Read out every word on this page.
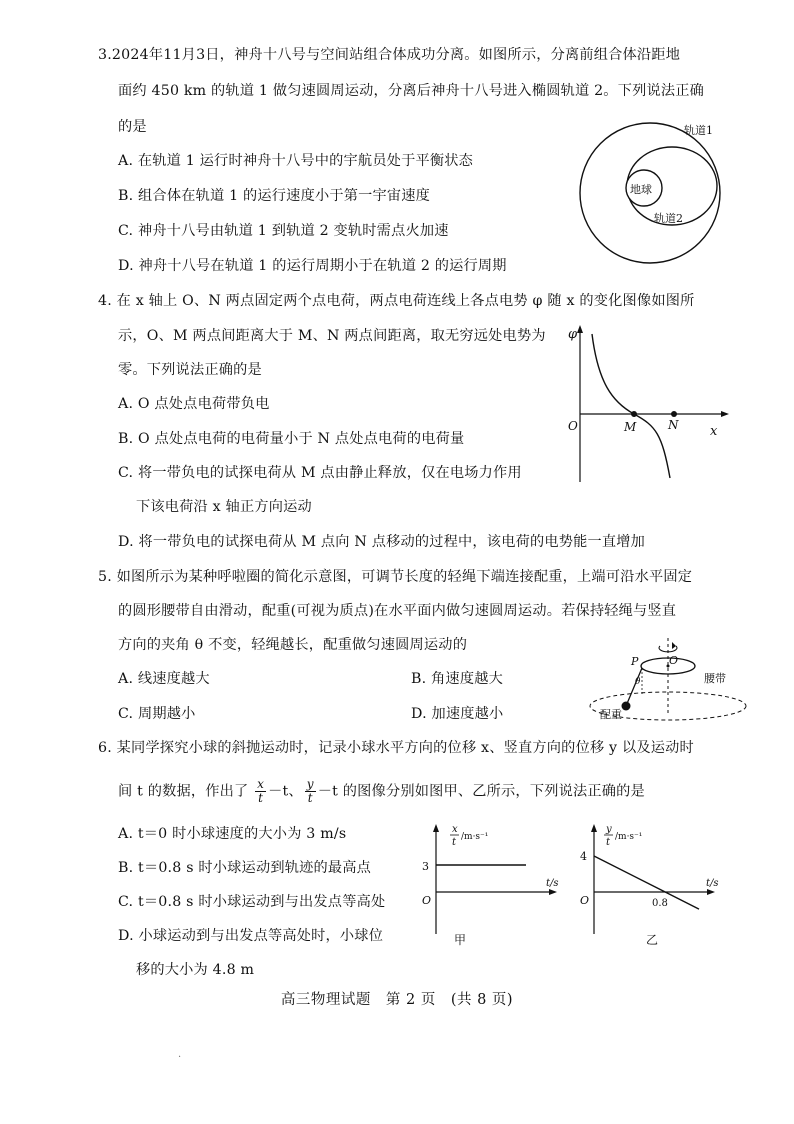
3.2024年11月3日，神舟十八号与空间站组合体成功分离。如图所示，分离前组合体沿距地
面约 450 km 的轨道 1 做匀速圆周运动，分离后神舟十八号进入椭圆轨道 2。下列说法正确
的是
A. 在轨道 1 运行时神舟十八号中的宇航员处于平衡状态
B. 组合体在轨道 1 的运行速度小于第一宇宙速度
C. 神舟十八号由轨道 1 到轨道 2 变轨时需点火加速
D. 神舟十八号在轨道 1 的运行周期小于在轨道 2 的运行周期
地球
轨道1
轨道2
4. 在 x 轴上 O、N 两点固定两个点电荷，两点电荷连线上各点电势 φ 随 x 的变化图像如图所
示，O、M 两点间距离大于 M、N 两点间距离，取无穷远处电势为
零。下列说法正确的是
A. O 点处点电荷带负电
B. O 点处点电荷的电荷量小于 N 点处点电荷的电荷量
C. 将一带负电的试探电荷从 M 点由静止释放，仅在电场力作用
下该电荷沿 x 轴正方向运动
D. 将一带负电的试探电荷从 M 点向 N 点移动的过程中，该电荷的电势能一直增加
φ
O	M	N x
5. 如图所示为某种呼啦圈的简化示意图，可调节长度的轻绳下端连接配重，上端可沿水平固定
的圆形腰带自由滑动，配重(可视为质点)在水平面内做匀速圆周运动。若保持轻绳与竖直
方向的夹角 θ 不变，轻绳越长，配重做匀速圆周运动的
A. 线速度越大	B. 角速度越大
C. 周期越小	D. 加速度越小
P	O
θ	腰带
配重
6. 某同学探究小球的斜抛运动时，记录小球水平方向的位移 x、竖直方向的位移 y 以及运动时
间 t 的数据，作出了 $\frac{x}{t} -t$、 $\frac{y}{t} -t$ 的图像分别如图甲、乙所示，下列说法正确的是
A. t＝0 时小球速度的大小为 3 m/s
B. t＝0.8 s 时小球运动到轨迹的最高点
C. t＝0.8 s 时小球运动到与出发点等高处
D. 小球运动到与出发点等高处时，小球位
移的大小为 4.8 m
x
t /m·s⁻¹
3
O
t/s
甲
y
t /m·s⁻¹
4
O	0.8
t/s
乙
高三物理试题　第 2 页　(共 8 页)
·
